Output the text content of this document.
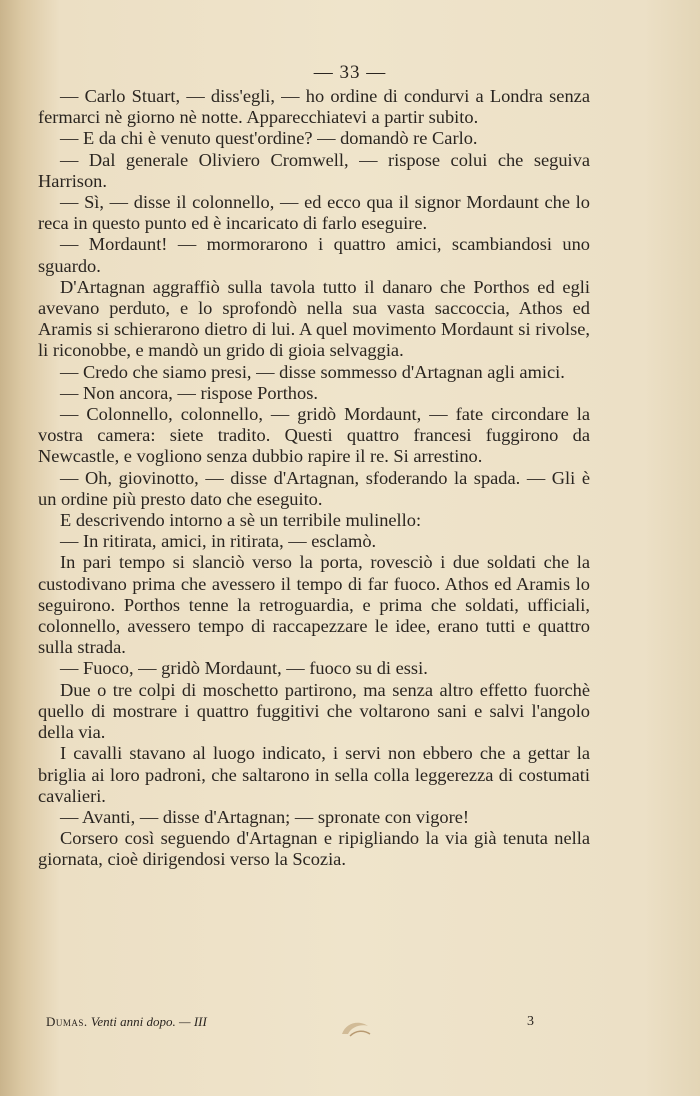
— 33 —

— Carlo Stuart, — diss'egli, — ho ordine di condurvi a Londra senza fermarci nè giorno nè notte. Apparecchiatevi a partir subito.

— E da chi è venuto quest'ordine? — domandò re Carlo.

— Dal generale Oliviero Cromwell, — rispose colui che seguiva Harrison.

— Sì, — disse il colonnello, — ed ecco qua il signor Mordaunt che lo reca in questo punto ed è incaricato di farlo eseguire.

— Mordaunt! — mormorarono i quattro amici, scambiandosi uno sguardo.

D'Artagnan aggraffiò sulla tavola tutto il danaro che Porthos ed egli avevano perduto, e lo sprofondò nella sua vasta saccoccia, Athos ed Aramis si schierarono dietro di lui. A quel movimento Mordaunt si rivolse, li riconobbe, e mandò un grido di gioia selvaggia.

— Credo che siamo presi, — disse sommesso d'Artagnan agli amici.

— Non ancora, — rispose Porthos.

— Colonnello, colonnello, — gridò Mordaunt, — fate circondare la vostra camera: siete tradito. Questi quattro francesi fuggirono da Newcastle, e vogliono senza dubbio rapire il re. Si arrestino.

— Oh, giovinotto, — disse d'Artagnan, sfoderando la spada. — Gli è un ordine più presto dato che eseguito.

E descrivendo intorno a sè un terribile mulinello:

— In ritirata, amici, in ritirata, — esclamò.

In pari tempo si slanciò verso la porta, rovesciò i due soldati che la custodivano prima che avessero il tempo di far fuoco. Athos ed Aramis lo seguirono. Porthos tenne la retroguardia, e prima che soldati, ufficiali, colonnello, avessero tempo di raccapezzare le idee, erano tutti e quattro sulla strada.

— Fuoco, — gridò Mordaunt, — fuoco su di essi.

Due o tre colpi di moschetto partirono, ma senza altro effetto fuorchè quello di mostrare i quattro fuggitivi che voltarono sani e salvi l'angolo della via.

I cavalli stavano al luogo indicato, i servi non ebbero che a gettar la briglia ai loro padroni, che saltarono in sella colla leggerezza di costumati cavalieri.

— Avanti, — disse d'Artagnan; — spronate con vigore!

Corsero così seguendo d'Artagnan e ripigliando la via già tenuta nella giornata, cioè dirigendosi verso la Scozia.

Dumas. Venti anni dopo. — III	3
